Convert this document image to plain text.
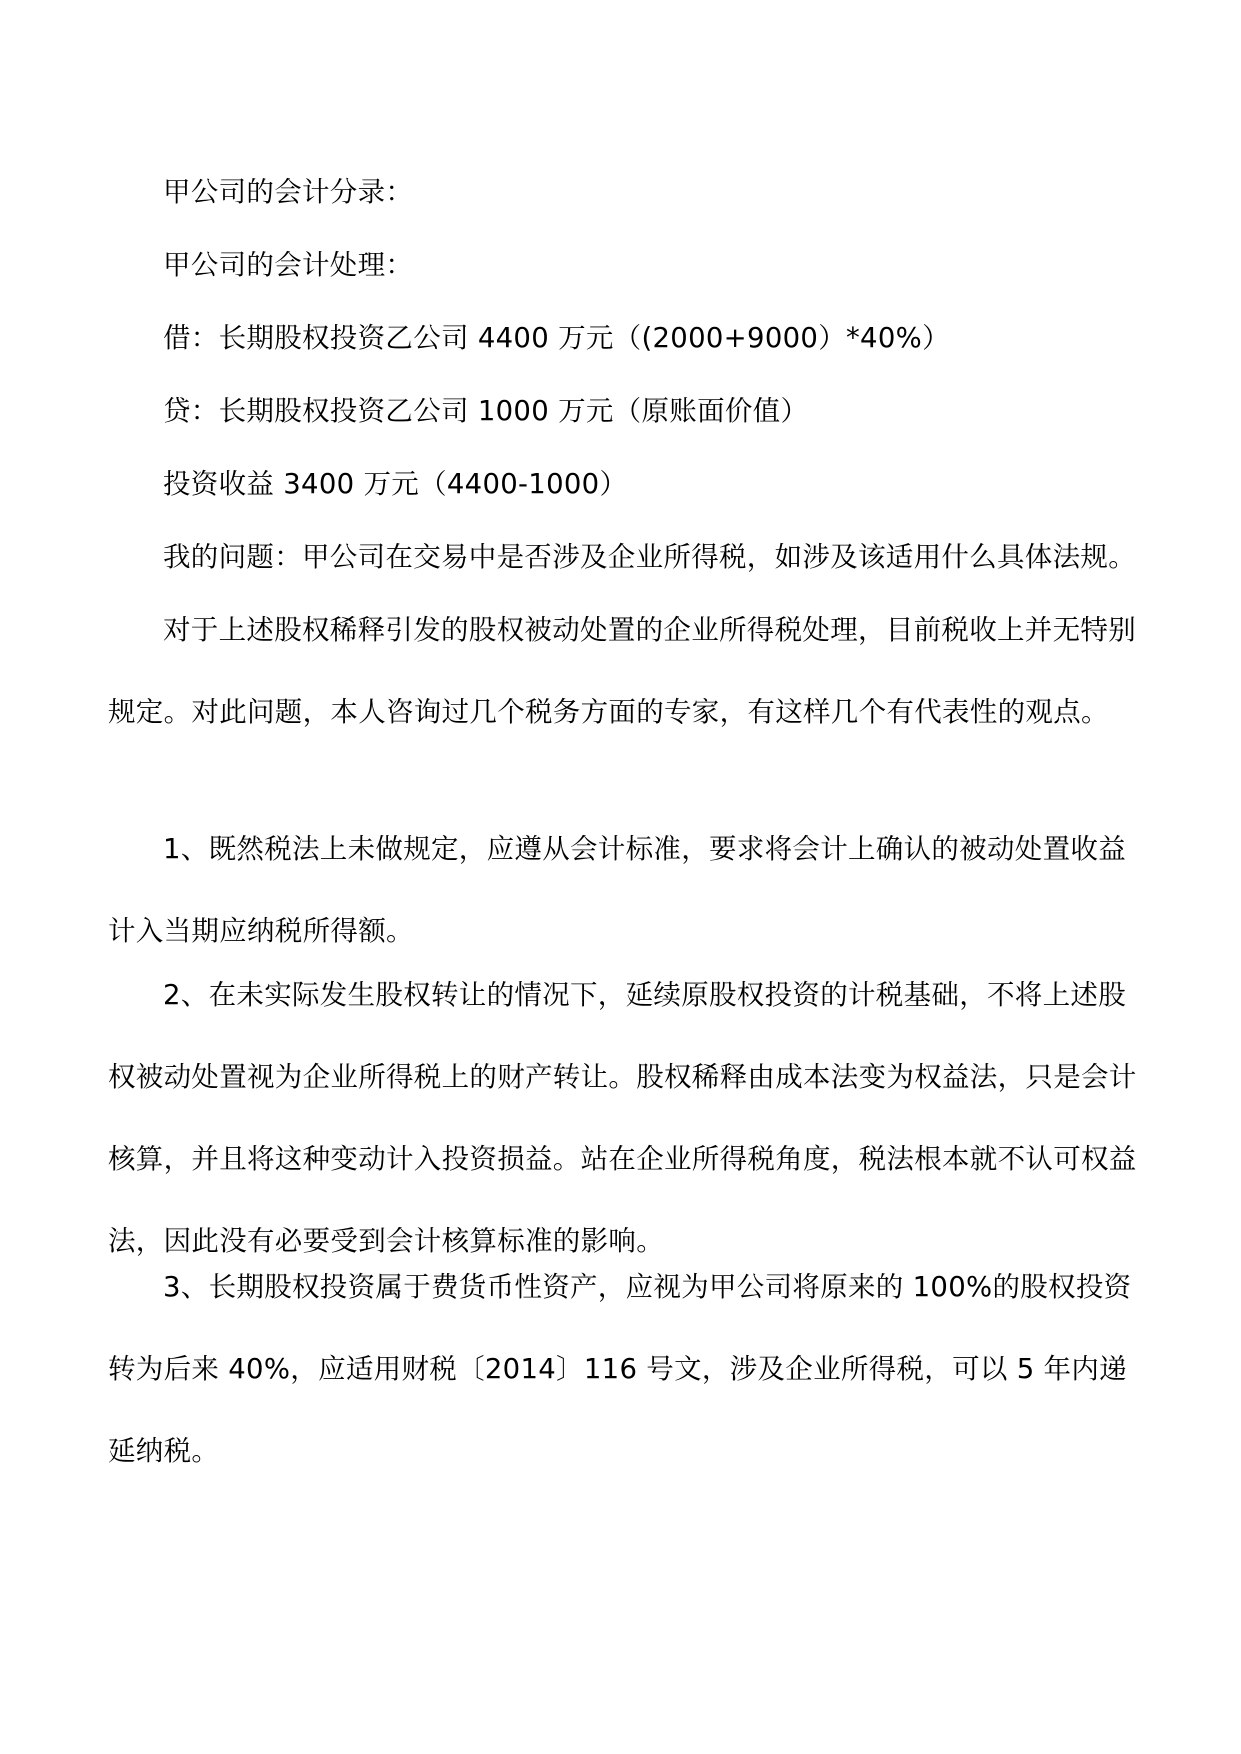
甲公司的会计分录：

甲公司的会计处理：

借：长期股权投资乙公司 4400 万元（(2000+9000）*40%）

贷：长期股权投资乙公司 1000 万元（原账面价值）

投资收益 3400 万元（4400-1000）

我的问题：甲公司在交易中是否涉及企业所得税，如涉及该适用什么具体法规。

对于上述股权稀释引发的股权被动处置的企业所得税处理，目前税收上并无特别规定。对此问题，本人咨询过几个税务方面的专家，有这样几个有代表性的观点。

1、既然税法上未做规定，应遵从会计标准，要求将会计上确认的被动处置收益计入当期应纳税所得额。

2、在未实际发生股权转让的情况下，延续原股权投资的计税基础，不将上述股权被动处置视为企业所得税上的财产转让。股权稀释由成本法变为权益法，只是会计核算，并且将这种变动计入投资损益。站在企业所得税角度，税法根本就不认可权益法，因此没有必要受到会计核算标准的影响。

3、长期股权投资属于费货币性资产，应视为甲公司将原来的 100%的股权投资转为后来 40%，应适用财税〔2014〕116 号文，涉及企业所得税，可以 5 年内递延纳税。
